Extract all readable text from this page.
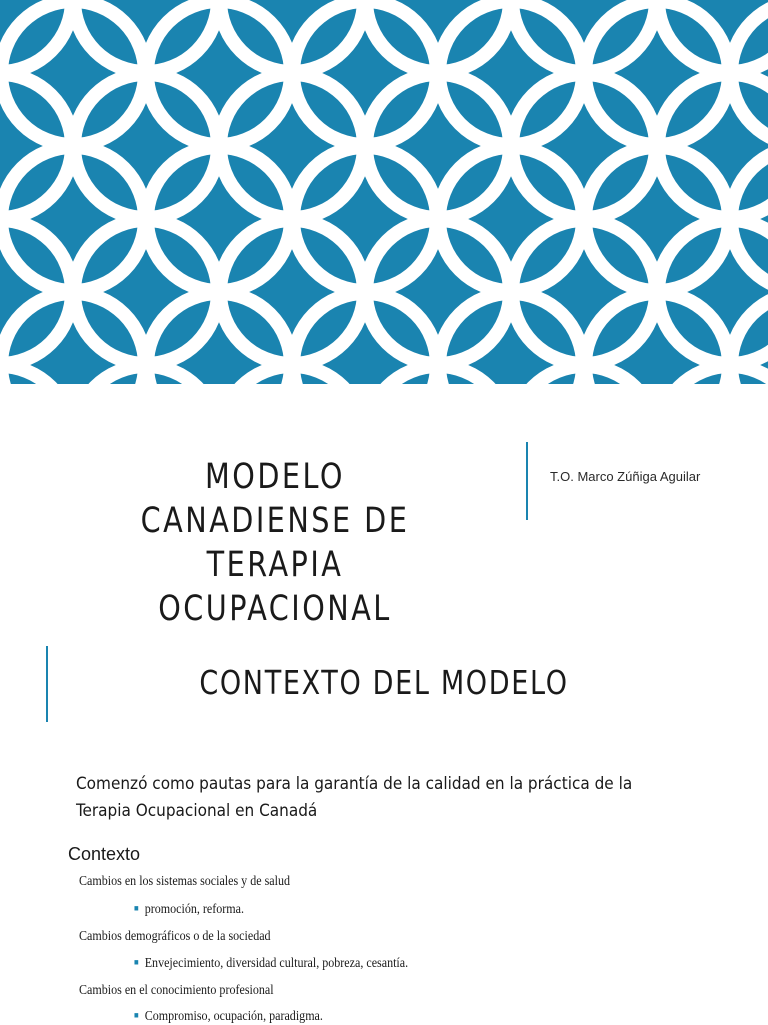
MODELO CANADIENSE DE
TERAPIA OCUPACIONAL
T.O. Marco Zúñiga Aguilar
CONTEXTO DEL MODELO
Comenzó como pautas para la garantía de la calidad en la práctica de la
Terapia Ocupacional en Canadá
Contexto
Cambios en los sistemas sociales y de salud
■ promoción, reforma.
Cambios demográficos o de la sociedad
■ Envejecimiento, diversidad cultural, pobreza, cesantía.
Cambios en el conocimiento profesional
■ Compromiso, ocupación, paradigma.
